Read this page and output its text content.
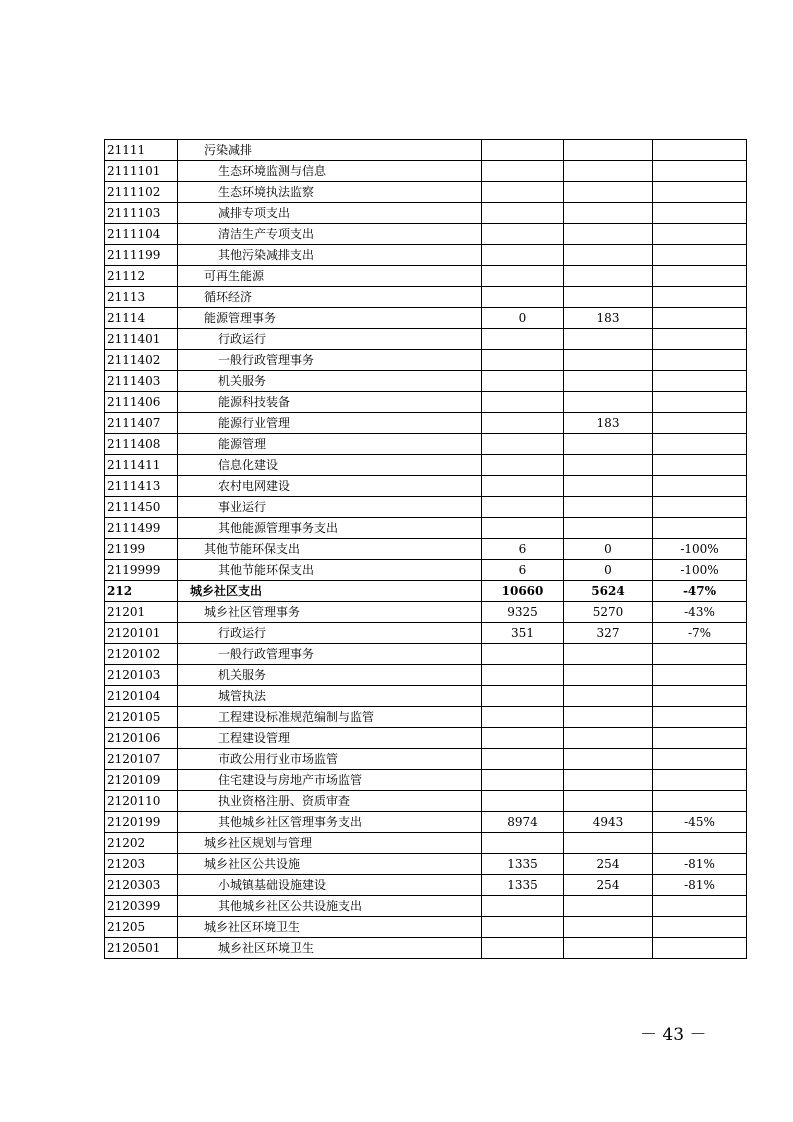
21111	污染减排			
2111101	生态环境监测与信息			
2111102	生态环境执法监察			
2111103	减排专项支出			
2111104	清洁生产专项支出			
2111199	其他污染减排支出			
21112	可再生能源			
21113	循环经济			
21114	能源管理事务	0	183	
2111401	行政运行			
2111402	一般行政管理事务			
2111403	机关服务			
2111406	能源科技装备			
2111407	能源行业管理		183	
2111408	能源管理			
2111411	信息化建设			
2111413	农村电网建设			
2111450	事业运行			
2111499	其他能源管理事务支出			
21199	其他节能环保支出	6	0	-100%
2119999	其他节能环保支出	6	0	-100%
212	城乡社区支出	10660	5624	-47%
21201	城乡社区管理事务	9325	5270	-43%
2120101	行政运行	351	327	-7%
2120102	一般行政管理事务			
2120103	机关服务			
2120104	城管执法			
2120105	工程建设标准规范编制与监管			
2120106	工程建设管理			
2120107	市政公用行业市场监管			
2120109	住宅建设与房地产市场监管			
2120110	执业资格注册、资质审查			
2120199	其他城乡社区管理事务支出	8974	4943	-45%
21202	城乡社区规划与管理			
21203	城乡社区公共设施	1335	254	-81%
2120303	小城镇基础设施建设	1335	254	-81%
2120399	其他城乡社区公共设施支出			
21205	城乡社区环境卫生			
2120501	城乡社区环境卫生			
－ 43 －
